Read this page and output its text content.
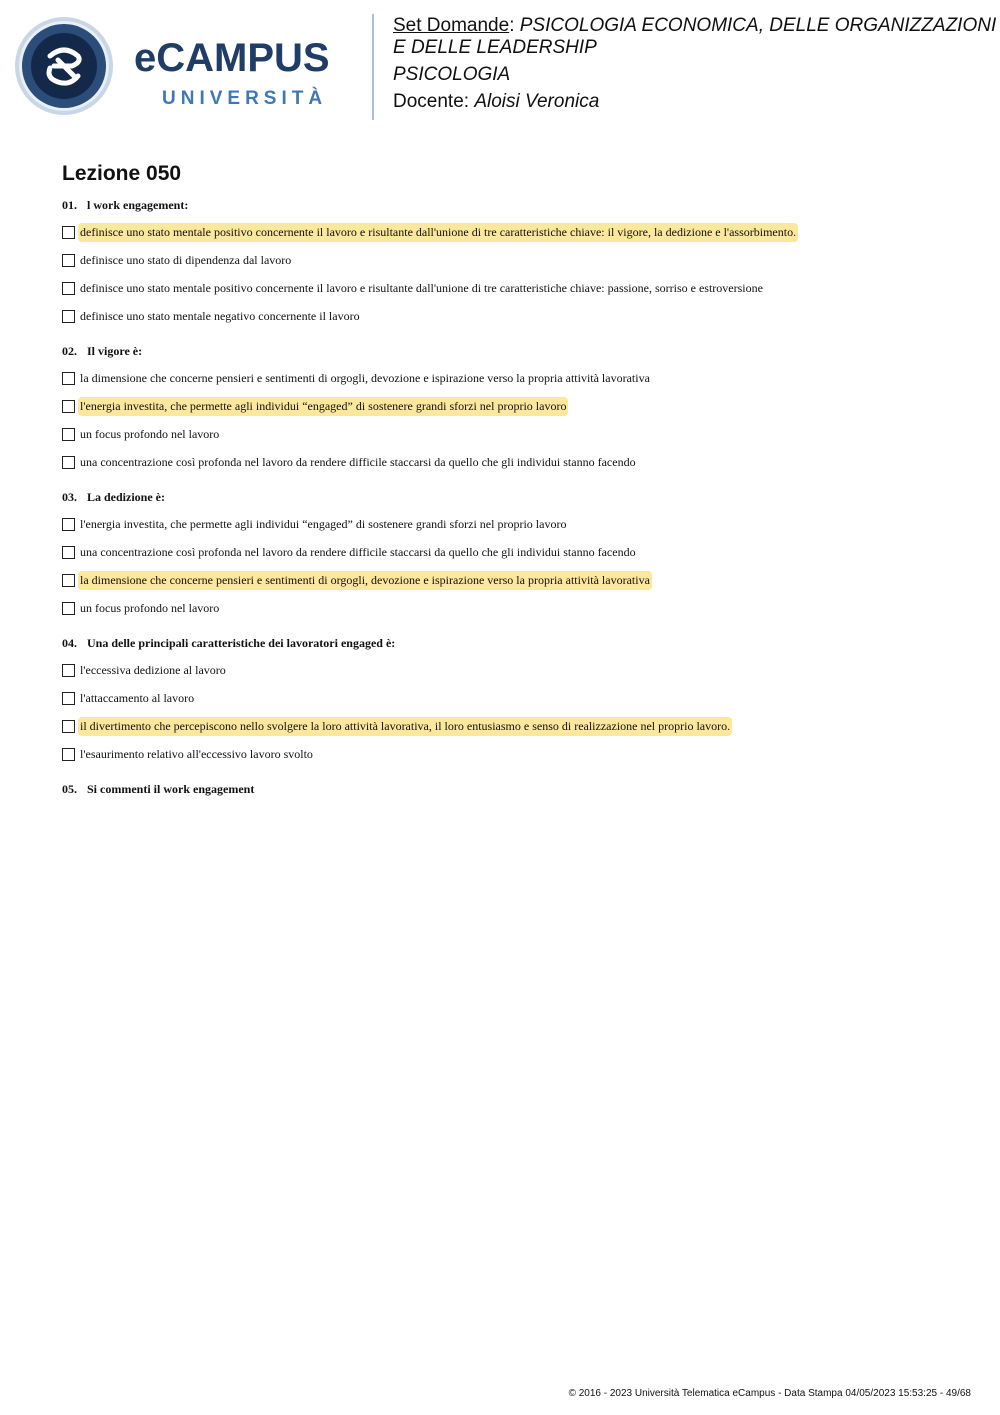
eCAMPUS
UNIVERSITÀ
Set Domande: PSICOLOGIA ECONOMICA, DELLE ORGANIZZAZIONI
E DELLE LEADERSHIP
PSICOLOGIA
Docente: Aloisi Veronica
Lezione 050
01. l work engagement:
definisce uno stato mentale positivo concernente il lavoro e risultante dall'unione di tre caratteristiche chiave: il vigore, la dedizione e l'assorbimento.
definisce uno stato di dipendenza dal lavoro
definisce uno stato mentale positivo concernente il lavoro e risultante dall'unione di tre caratteristiche chiave: passione, sorriso e estroversione
definisce uno stato mentale negativo concernente il lavoro
02. Il vigore è:
la dimensione che concerne pensieri e sentimenti di orgogli, devozione e ispirazione verso la propria attività lavorativa
l'energia investita, che permette agli individui “engaged” di sostenere grandi sforzi nel proprio lavoro
un focus profondo nel lavoro
una concentrazione così profonda nel lavoro da rendere difficile staccarsi da quello che gli individui stanno facendo
03. La dedizione è:
l'energia investita, che permette agli individui “engaged” di sostenere grandi sforzi nel proprio lavoro
una concentrazione così profonda nel lavoro da rendere difficile staccarsi da quello che gli individui stanno facendo
la dimensione che concerne pensieri e sentimenti di orgogli, devozione e ispirazione verso la propria attività lavorativa
un focus profondo nel lavoro
04. Una delle principali caratteristiche dei lavoratori engaged è:
l'eccessiva dedizione al lavoro
l'attaccamento al lavoro
il divertimento che percepiscono nello svolgere la loro attività lavorativa, il loro entusiasmo e senso di realizzazione nel proprio lavoro.
l'esaurimento relativo all'eccessivo lavoro svolto
05. Si commenti il work engagement
© 2016 - 2023 Università Telematica eCampus - Data Stampa 04/05/2023 15:53:25 - 49/68
